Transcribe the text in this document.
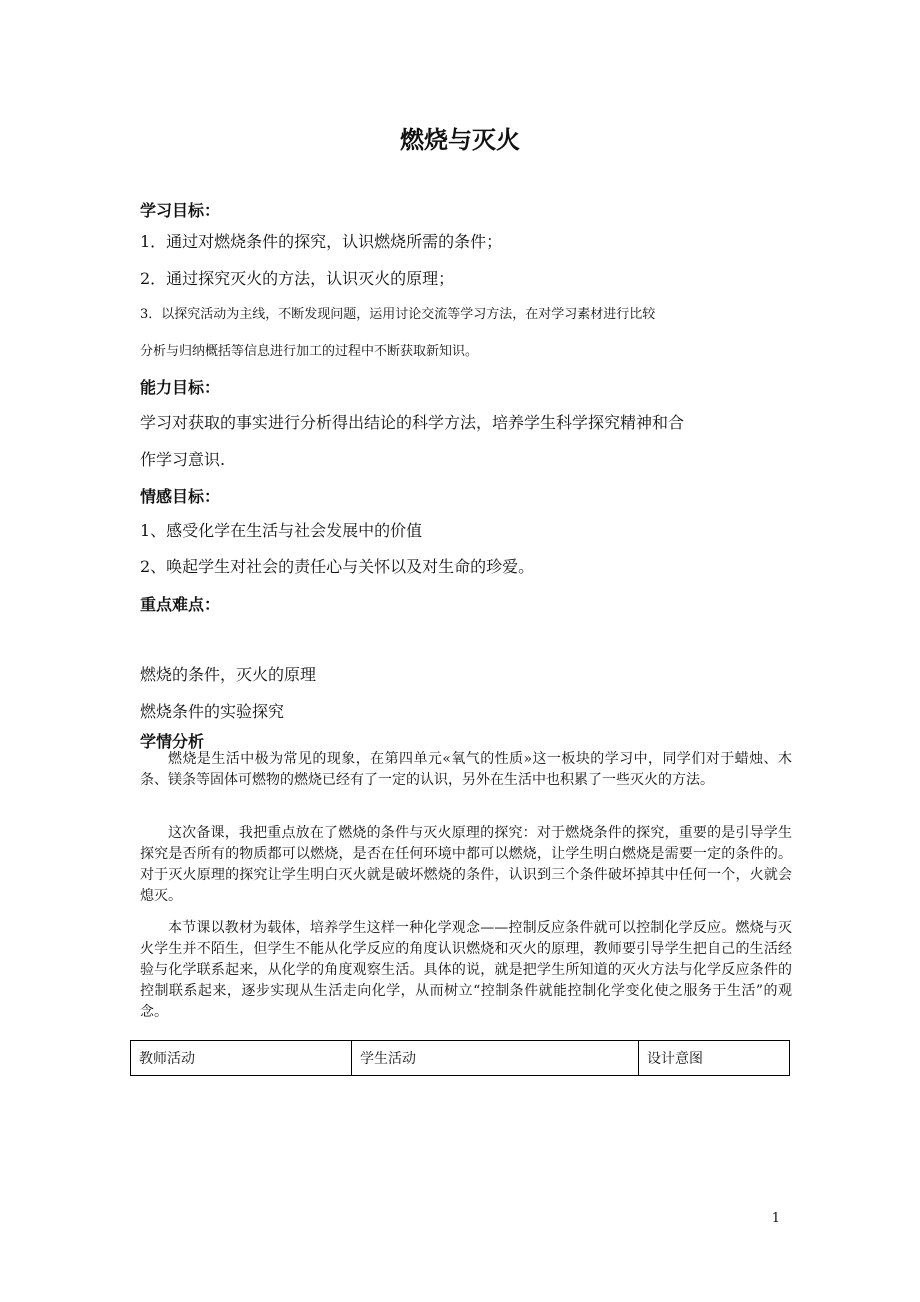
燃烧与灭火
学习目标：
1．通过对燃烧条件的探究，认识燃烧所需的条件；
2．通过探究灭火的方法，认识灭火的原理；
3．以探究活动为主线，不断发现问题，运用讨论交流等学习方法，在对学习素材进行比较
分析与归纳概括等信息进行加工的过程中不断获取新知识。
能力目标：
学习对获取的事实进行分析得出结论的科学方法，培养学生科学探究精神和合
作学习意识.
情感目标：
1、感受化学在生活与社会发展中的价值
2、唤起学生对社会的责任心与关怀以及对生命的珍爱。
重点难点：
燃烧的条件，灭火的原理
燃烧条件的实验探究
学情分析
燃烧是生活中极为常见的现象，在第四单元«氧气的性质»这一板块的学习中，同学们对于蜡烛、木条、镁条等固体可燃物的燃烧已经有了一定的认识，另外在生活中也积累了一些灭火的方法。
这次备课，我把重点放在了燃烧的条件与灭火原理的探究：对于燃烧条件的探究，重要的是引导学生探究是否所有的物质都可以燃烧，是否在任何环境中都可以燃烧，让学生明白燃烧是需要一定的条件的。对于灭火原理的探究让学生明白灭火就是破坏燃烧的条件，认识到三个条件破坏掉其中任何一个，火就会熄灭。
本节课以教材为载体，培养学生这样一种化学观念——控制反应条件就可以控制化学反应。燃烧与灭火学生并不陌生，但学生不能从化学反应的角度认识燃烧和灭火的原理，教师要引导学生把自己的生活经验与化学联系起来，从化学的角度观察生活。具体的说，就是把学生所知道的灭火方法与化学反应条件的控制联系起来，逐步实现从生活走向化学，从而树立“控制条件就能控制化学变化使之服务于生活”的观念。
教师活动	学生活动	设计意图
1
